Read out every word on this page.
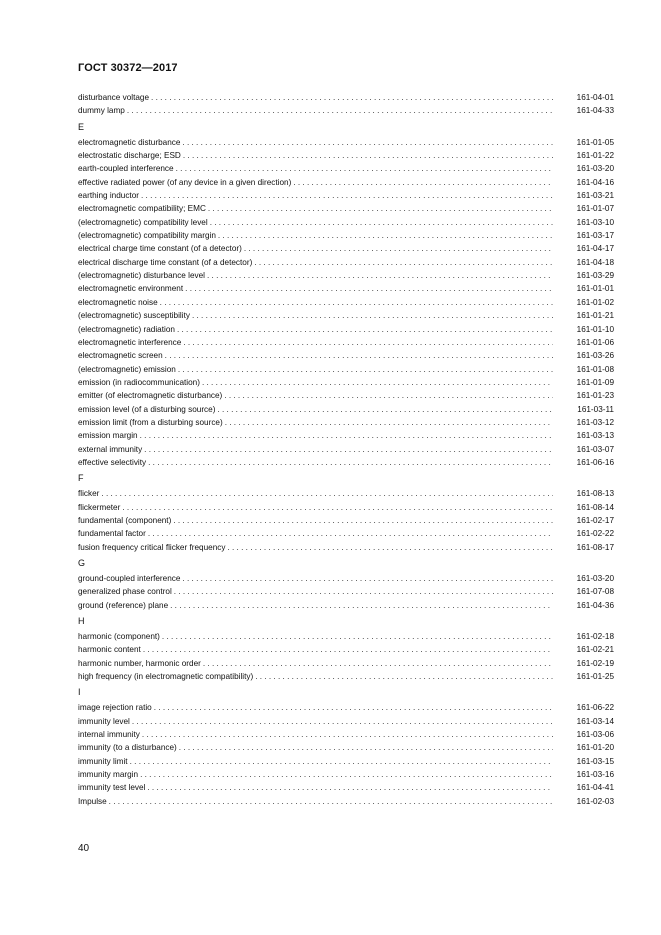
ГОСТ 30372—2017
disturbance voltage . . .	161-04-01
dummy lamp . . .	161-04-33
E
electromagnetic disturbance . . .	161-01-05
electrostatic discharge; ESD . . .	161-01-22
earth-coupled interference . . .	161-03-20
effective radiated power (of any device in a given direction) . . .	161-04-16
earthing inductor . . .	161-03-21
electromagnetic compatibility; EMC . . .	161-01-07
(electromagnetic) compatibility level . . .	161-03-10
(electromagnetic) compatibility margin . . .	161-03-17
electrical charge time constant (of a detector) . . .	161-04-17
electrical discharge time constant (of a detector) . . .	161-04-18
(electromagnetic) disturbance level . . .	161-03-29
electromagnetic environment . . .	161-01-01
electromagnetic noise . . .	161-01-02
(electromagnetic) susceptibility . . .	161-01-21
(electromagnetic) radiation . . .	161-01-10
electromagnetic interference . . .	161-01-06
electromagnetic screen . . .	161-03-26
(electromagnetic) emission . . .	161-01-08
emission (in radiocommunication) . . .	161-01-09
emitter (of electromagnetic disturbance) . . .	161-01-23
emission level (of a disturbing source) . . .	161-03-11
emission limit (from a disturbing source) . . .	161-03-12
emission margin . . .	161-03-13
external immunity . . .	161-03-07
effective selectivity . . .	161-06-16
F
flicker . . .	161-08-13
flickermeter . . .	161-08-14
fundamental (component) . . .	161-02-17
fundamental factor . . .	161-02-22
fusion frequency critical flicker frequency . . .	161-08-17
G
ground-coupled interference . . .	161-03-20
generalized phase control . . .	161-07-08
ground (reference) plane . . .	161-04-36
H
harmonic (component) . . .	161-02-18
harmonic content . . .	161-02-21
harmonic number, harmonic order . . .	161-02-19
high frequency (in electromagnetic compatibility) . . .	161-01-25
I
image rejection ratio . . .	161-06-22
immunity level . . .	161-03-14
internal immunity . . .	161-03-06
immunity (to a disturbance) . . .	161-01-20
immunity limit . . .	161-03-15
immunity margin . . .	161-03-16
immunity test level . . .	161-04-41
Impulse . . .	161-02-03
40
